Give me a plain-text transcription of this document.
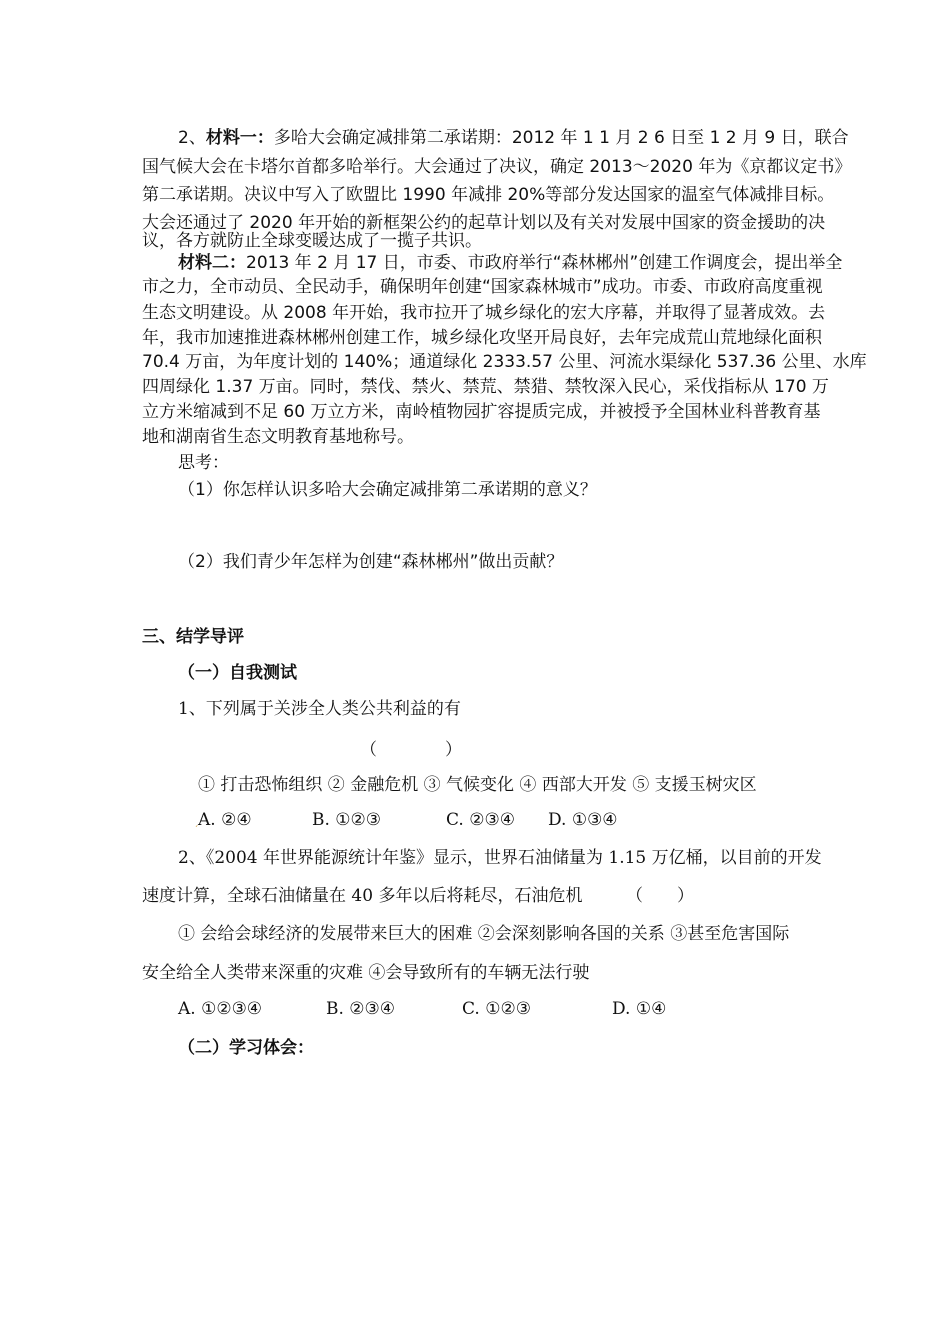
2、材料一：多哈大会确定减排第二承诺期：2012 年 1 1 月 2 6 日至 1 2 月 9 日，联合
国气候大会在卡塔尔首都多哈举行。大会通过了决议，确定 2013～2020 年为《京都议定书》
第二承诺期。决议中写入了欧盟比 1990 年减排 20%等部分发达国家的温室气体减排目标。
大会还通过了 2020 年开始的新框架公约的起草计划以及有关对发展中国家的资金援助的决
议，各方就防止全球变暖达成了一揽子共识。
材料二：2013 年 2 月 17 日，市委、市政府举行“森林郴州”创建工作调度会，提出举全
市之力，全市动员、全民动手，确保明年创建“国家森林城市”成功。市委、市政府高度重视
生态文明建设。从 2008 年开始，我市拉开了城乡绿化的宏大序幕，并取得了显著成效。去
年，我市加速推进森林郴州创建工作，城乡绿化攻坚开局良好，去年完成荒山荒地绿化面积
70.4 万亩，为年度计划的 140%；通道绿化 2333.57 公里、河流水渠绿化 537.36 公里、水库
四周绿化 1.37 万亩。同时，禁伐、禁火、禁荒、禁猎、禁牧深入民心，采伐指标从 170 万
立方米缩减到不足 60 万立方米，南岭植物园扩容提质完成，并被授予全国林业科普教育基
地和湖南省生态文明教育基地称号。
思考：
（1）你怎样认识多哈大会确定减排第二承诺期的意义？
（2）我们青少年怎样为创建“森林郴州”做出贡献？
三、结学导评
（一）自我测试
1、下列属于关涉全人类公共利益的有
（　　　　）
① 打击恐怖组织 ② 金融危机 ③ 气候变化 ④ 西部大开发 ⑤ 支援玉树灾区
ˏ A. ②④	B. ①②③	C. ②③④ D. ①③④
2、《2004 年世界能源统计年鉴》显示，世界石油储量为 1.15 万亿桶，以目前的开发
速度计算，全球石油储量在 40 多年以后将耗尽，石油危机	（　　）
① 会给会球经济的发展带来巨大的困难 ②会深刻影响各国的关系 ③甚至危害国际
安全给全人类带来深重的灾难 ④会导致所有的车辆无法行驶
A. ①②③④	B. ②③④	C. ①②③	D. ①④
（二）学习体会：
